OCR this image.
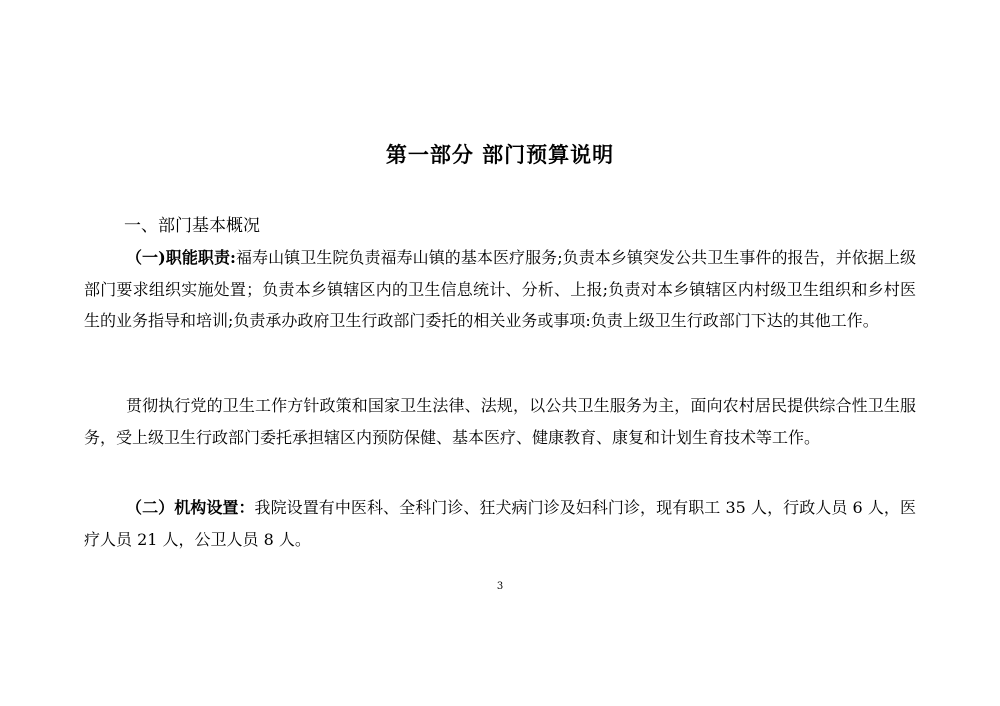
第一部分 部门预算说明
一、部门基本概况

（一)职能职责:福寿山镇卫生院负责福寿山镇的基本医疗服务;负责本乡镇突发公共卫生事件的报告，并依据上级部门要求组织实施处置；负责本乡镇辖区内的卫生信息统计、分析、上报;负责对本乡镇辖区内村级卫生组织和乡村医生的业务指导和培训;负责承办政府卫生行政部门委托的相关业务或事项:负责上级卫生行政部门下达的其他工作。

贯彻执行党的卫生工作方针政策和国家卫生法律、法规，以公共卫生服务为主，面向农村居民提供综合性卫生服务，受上级卫生行政部门委托承担辖区内预防保健、基本医疗、健康教育、康复和计划生育技术等工作。

（二）机构设置：我院设置有中医科、全科门诊、狂犬病门诊及妇科门诊，现有职工 35 人，行政人员 6 人，医疗人员 21 人，公卫人员 8 人。

3
